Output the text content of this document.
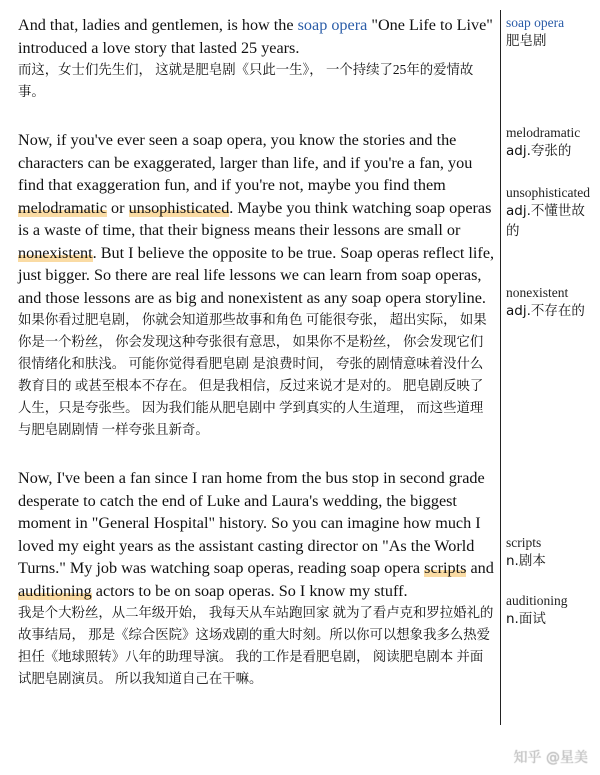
And that, ladies and gentlemen, is how the soap opera "One Life to Live" introduced a love story that lasted 25 years.

而这，女士们先生们， 这就是肥皂剧《只此一生》， 一个持续了25年的爱情故事。

Now, if you've ever seen a soap opera, you know the stories and the characters can be exaggerated, larger than life, and if you're a fan, you find that exaggeration fun, and if you're not, maybe you find them melodramatic or unsophisticated. Maybe you think watching soap operas is a waste of time, that their bigness means their lessons are small or nonexistent. But I believe the opposite to be true. Soap operas reflect life, just bigger. So there are real life lessons we can learn from soap operas, and those lessons are as big and nonexistent as any soap opera storyline.

如果你看过肥皂剧， 你就会知道那些故事和角色 可能很夸张， 超出实际， 如果你是一个粉丝， 你会发现这种夸张很有意思， 如果你不是粉丝， 你会发现它们很情绪化和肤浅。 可能你觉得看肥皂剧 是浪费时间， 夸张的剧情意味着没什么教育目的 或甚至根本不存在。 但是我相信，反过来说才是对的。 肥皂剧反映了人生，只是夸张些。 因为我们能从肥皂剧中 学到真实的人生道理， 而这些道理与肥皂剧剧情 一样夸张且新奇。

Now, I've been a fan since I ran home from the bus stop in second grade desperate to catch the end of Luke and Laura's wedding, the biggest moment in "General Hospital" history. So you can imagine how much I loved my eight years as the assistant casting director on "As the World Turns." My job was watching soap operas, reading soap opera scripts and auditioning actors to be on soap operas. So I know my stuff.

我是个大粉丝，从二年级开始， 我每天从车站跑回家 就为了看卢克和罗拉婚礼的故事结局， 那是《综合医院》这场戏剧的重大时刻。所以你可以想象我多么热爱 担任《地球照转》八年的助理导演。 我的工作是看肥皂剧， 阅读肥皂剧本 并面试肥皂剧演员。 所以我知道自己在干嘛。

soap opera
肥皂剧
melodramatic
adj.夸张的
unsophisticated
adj.不懂世故的
nonexistent
adj.不存在的
scripts
n.剧本
auditioning
n.面试
知乎 @星美
